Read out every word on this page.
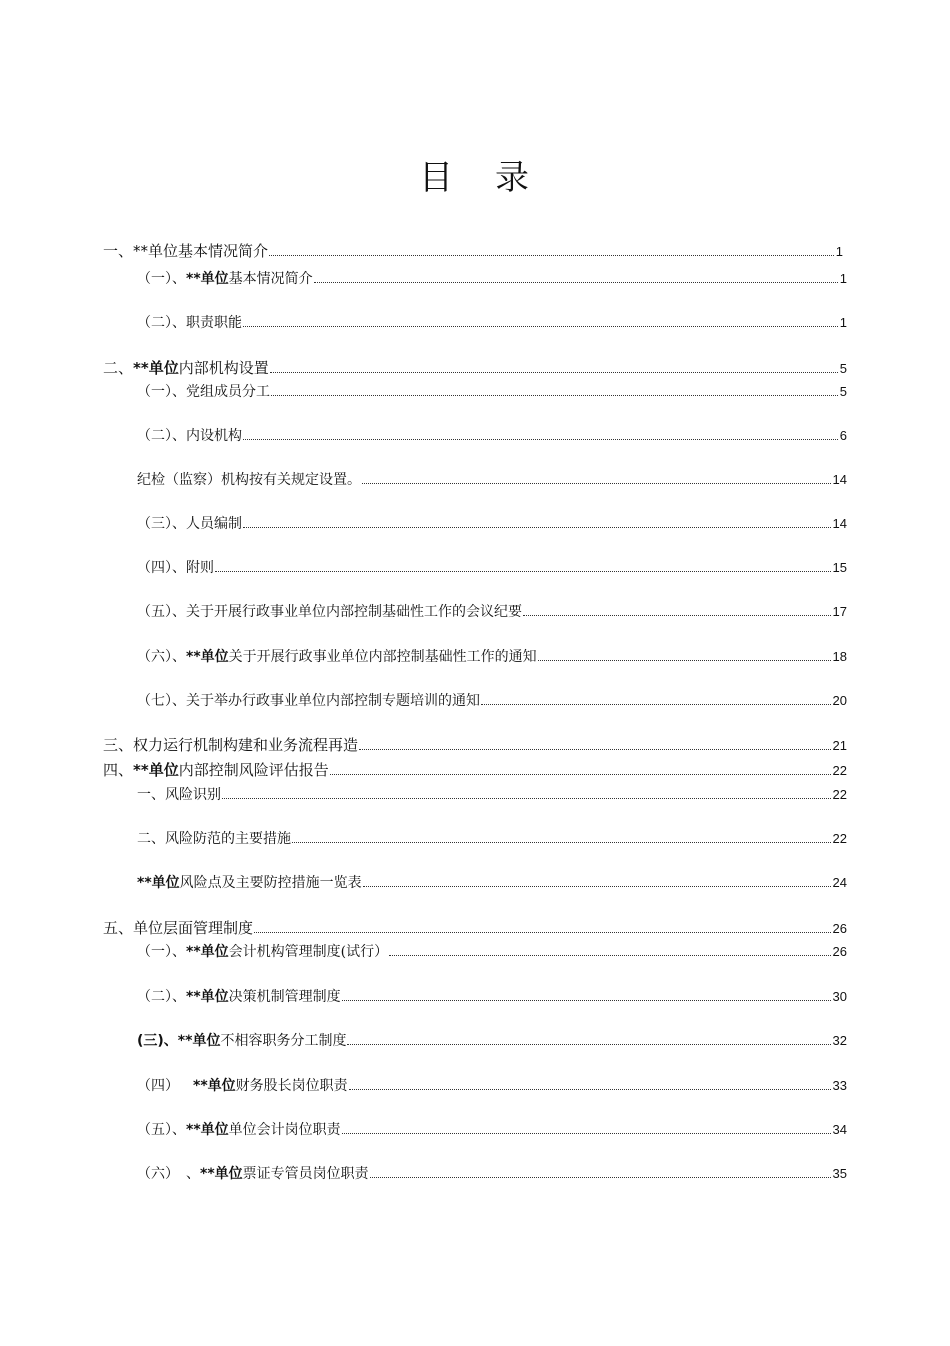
目 录
一、 **单位 基本情况简介	1
（一）、 **单位 基本情况简介	1
（二）、职责职能	1
二、 **单位 内部机构设置	5
（一）、党组成员分工	5
（二）、内设机构	6
纪检（监察）机构按有关规定设置。	14
（三）、人员编制	14
（四）、附则	15
（五）、关于开展行政事业单位内部控制基础性工作的会议纪要	17
（六）、 **单位 关于开展行政事业单位内部控制基础性工作的通知	18
（七）、关于举办行政事业单位内部控制专题培训的通知	20
三、权力运行机制构建和业务流程再造	21
四、 **单位 内部控制风险评估报告	22
一、风险识别	22
二、风险防范的主要措施	22
**单位 风险点及主要防控措施一览表	24
五、单位层面管理制度	26
（一）、 **单位 会计机构管理制度(试行）	26
（二）、 **单位 决策机制管理制度	30
(三)、 **单位 不相容职务分工制度	32
（四） **单位 财务股长岗位职责	33
（五）、 **单位 单位会计岗位职责	34
（六）　、 **单位 票证专管员岗位职责	35
